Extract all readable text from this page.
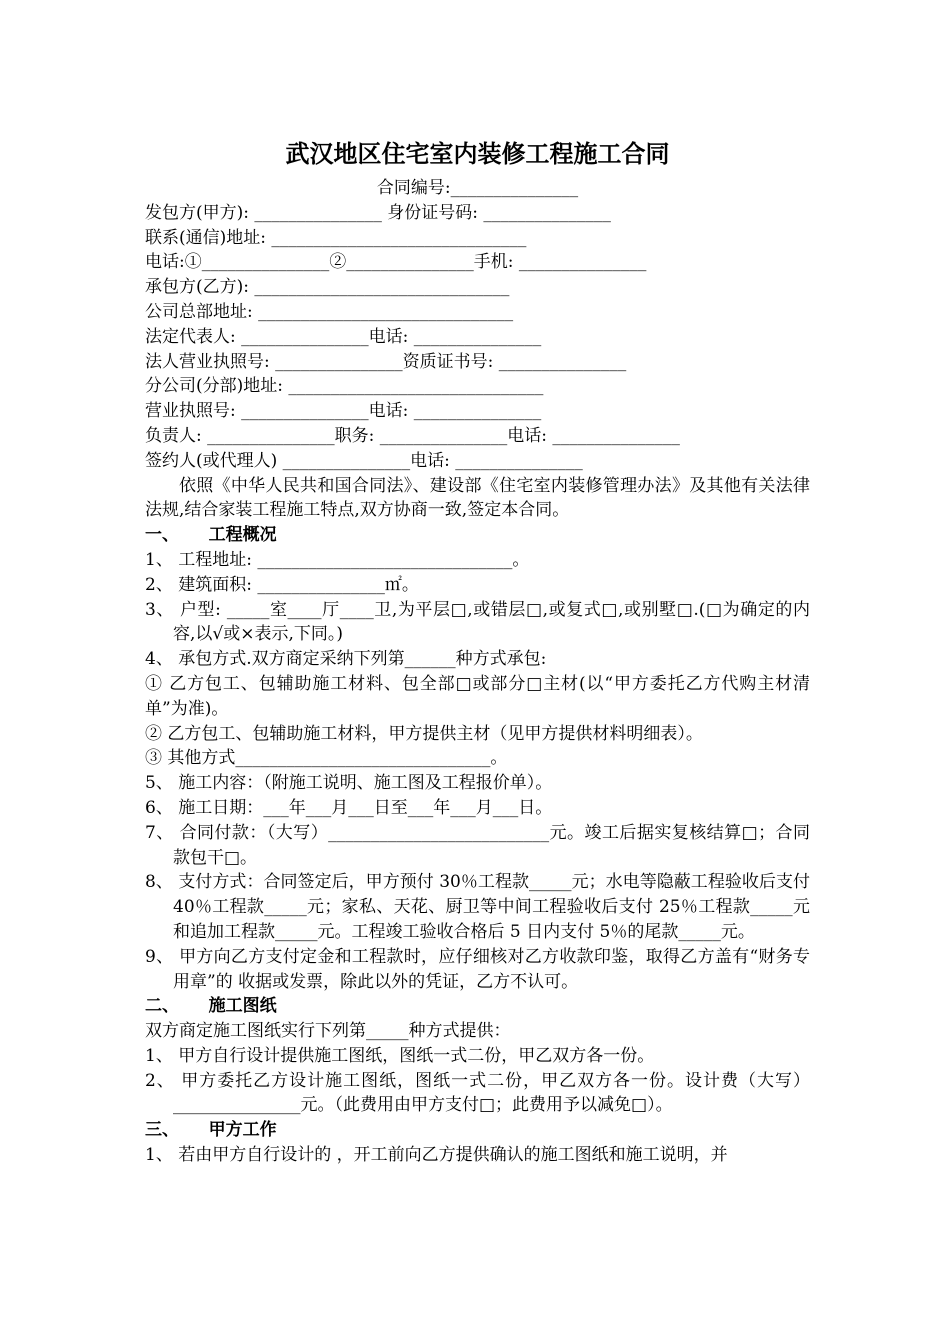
武汉地区住宅室内装修工程施工合同
合同编号:_______________
发包方(甲方): _______________ 身份证号码: _______________
联系(通信)地址: ______________________________
电话:①_______________②_______________手机: _______________
承包方(乙方): ______________________________
公司总部地址: ______________________________
法定代表人: _______________电话: _______________
法人营业执照号: _______________资质证书号: _______________
分公司(分部)地址: ______________________________
营业执照号: _______________电话: _______________
负责人: _______________职务: _______________电话: _______________
签约人(或代理人) _______________电话: _______________
依照《中华人民共和国合同法》、建设部《住宅室内装修管理办法》及其他有关法律法规,结合家装工程施工特点,双方协商一致,签定本合同。
一、     工程概况
1、 工程地址: ______________________________。
2、 建筑面积: _______________㎡。
3、 户型: _____室____厅____卫,为平层□,或错层□,或复式□,或别墅□.(□为确定的内容,以√或×表示,下同。)
4、 承包方式.双方商定采纳下列第______种方式承包:
① 乙方包工、包辅助施工材料、包全部□或部分□主材(以“甲方委托乙方代购主材清单”为准)。
② 乙方包工、包辅助施工材料，甲方提供主材（见甲方提供材料明细表）。
③ 其他方式______________________________。
5、 施工内容：（附施工说明、施工图及工程报价单）。
6、 施工日期：___年___月___日至___年___月___日。
7、 合同付款：（大写）__________________________元。竣工后据实复核结算□；合同款包干□。
8、 支付方式：合同签定后，甲方预付 30％工程款_____元；水电等隐蔽工程验收后支付 40％工程款_____元；家私、天花、厨卫等中间工程验收后支付 25％工程款_____元和追加工程款_____元。工程竣工验收合格后 5 日内支付 5％的尾款_____元。
9、 甲方向乙方支付定金和工程款时，应仔细核对乙方收款印鉴，取得乙方盖有“财务专用章”的 收据或发票，除此以外的凭证，乙方不认可。
二、     施工图纸
双方商定施工图纸实行下列第_____种方式提供：
1、 甲方自行设计提供施工图纸，图纸一式二份，甲乙双方各一份。
2、 甲方委托乙方设计施工图纸，图纸一式二份，甲乙双方各一份。设计费（大写）_______________元。（此费用由甲方支付□；此费用予以减免□）。
三、     甲方工作
1、 若由甲方自行设计的 ，开工前向乙方提供确认的施工图纸和施工说明，并
